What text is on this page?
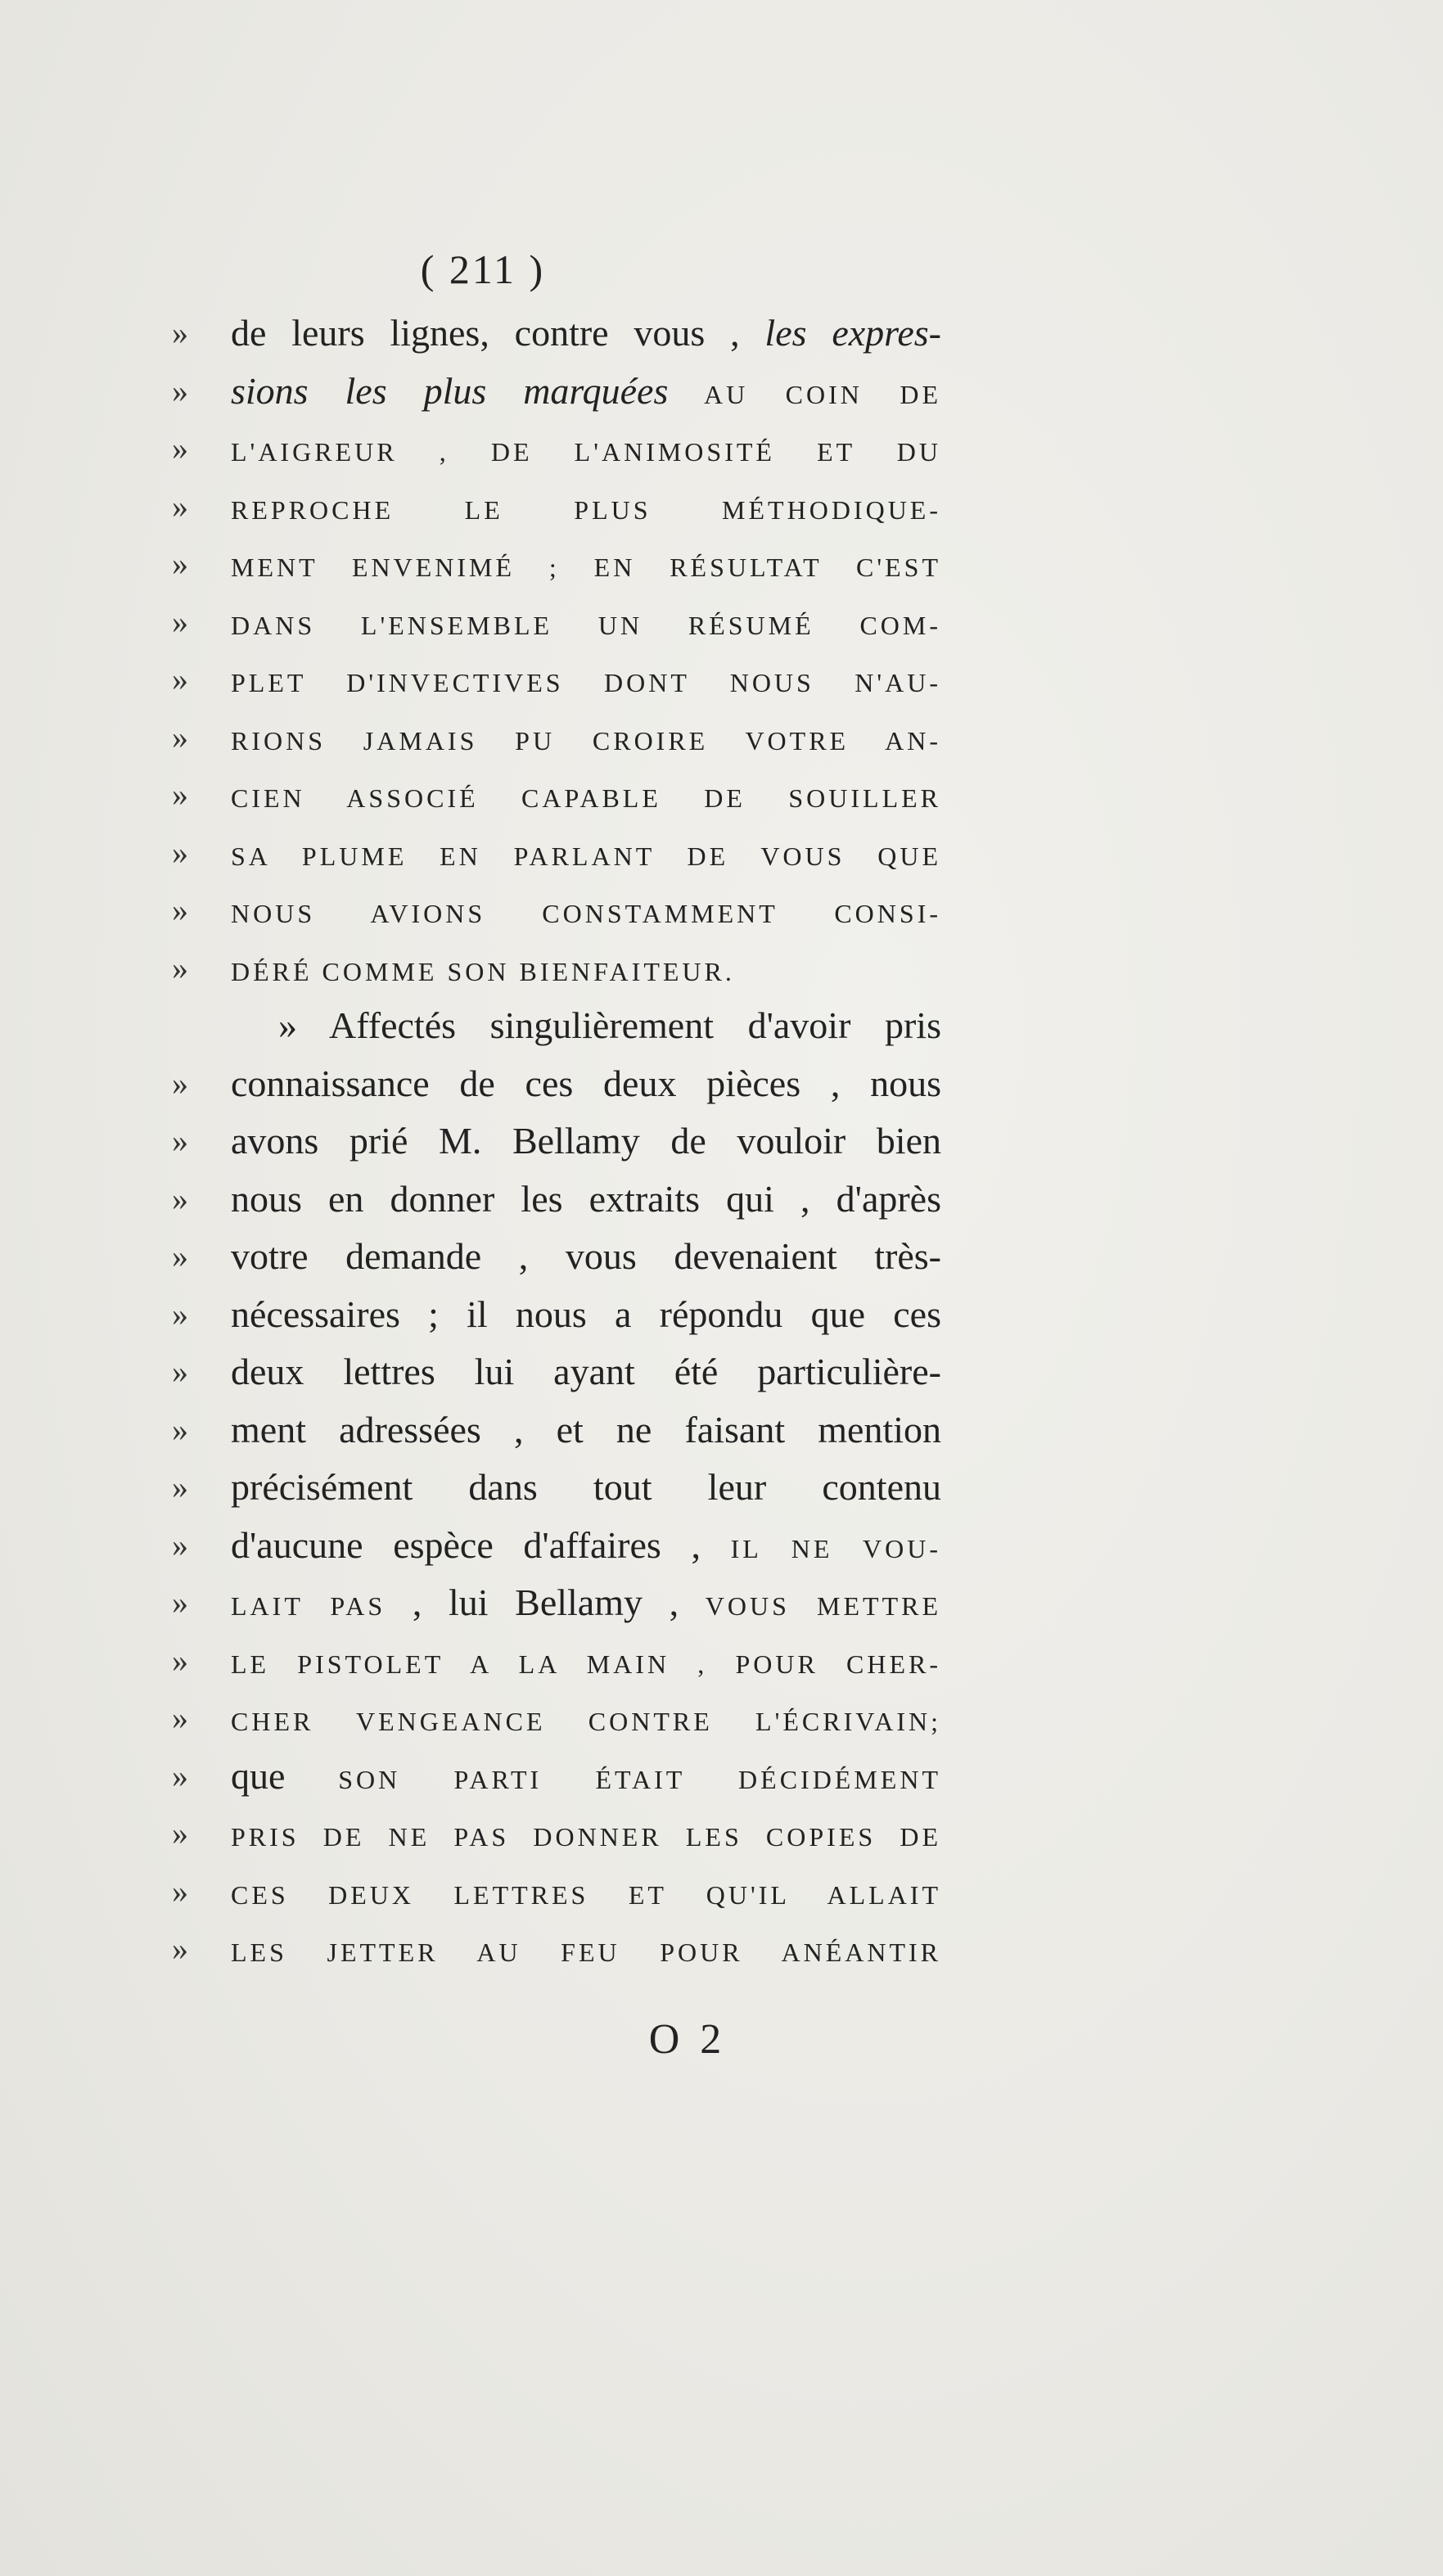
( 211 )
»	de leurs lignes, contre vous , les expres-
»	sions les plus marquées AU COIN DE
»	L'AIGREUR , DE L'ANIMOSITÉ ET DU
»	REPROCHE LE PLUS MÉTHODIQUE-
»	MENT ENVENIMÉ ; EN RÉSULTAT C'EST
»	DANS L'ENSEMBLE UN RÉSUMÉ COM-
»	PLET D'INVECTIVES DONT NOUS N'AU-
»	RIONS JAMAIS PU CROIRE VOTRE AN-
»	CIEN ASSOCIÉ CAPABLE DE SOUILLER
»	SA PLUME EN PARLANT DE VOUS QUE
»	NOUS AVIONS CONSTAMMENT CONSI-
»	DÉRÉ COMME SON BIENFAITEUR.
» Affectés singulièrement d'avoir pris
»	connaissance de ces deux pièces , nous
»	avons prié M. Bellamy de vouloir bien
»	nous en donner les extraits qui , d'après
»	votre demande , vous devenaient très-
»	nécessaires ; il nous a répondu que ces
»	deux lettres lui ayant été particulière-
»	ment adressées , et ne faisant mention
»	précisément dans tout leur contenu
»	d'aucune espèce d'affaires , IL NE VOU-
»	LAIT PAS , lui Bellamy , VOUS METTRE
»	LE PISTOLET A LA MAIN , POUR CHER-
»	CHER VENGEANCE CONTRE L'ÉCRIVAIN;
»	que SON PARTI ÉTAIT DÉCIDÉMENT
»	PRIS DE NE PAS DONNER LES COPIES DE
»	CES DEUX LETTRES ET QU'IL ALLAIT
»	LES JETTER AU FEU POUR ANÉANTIR
O 2
